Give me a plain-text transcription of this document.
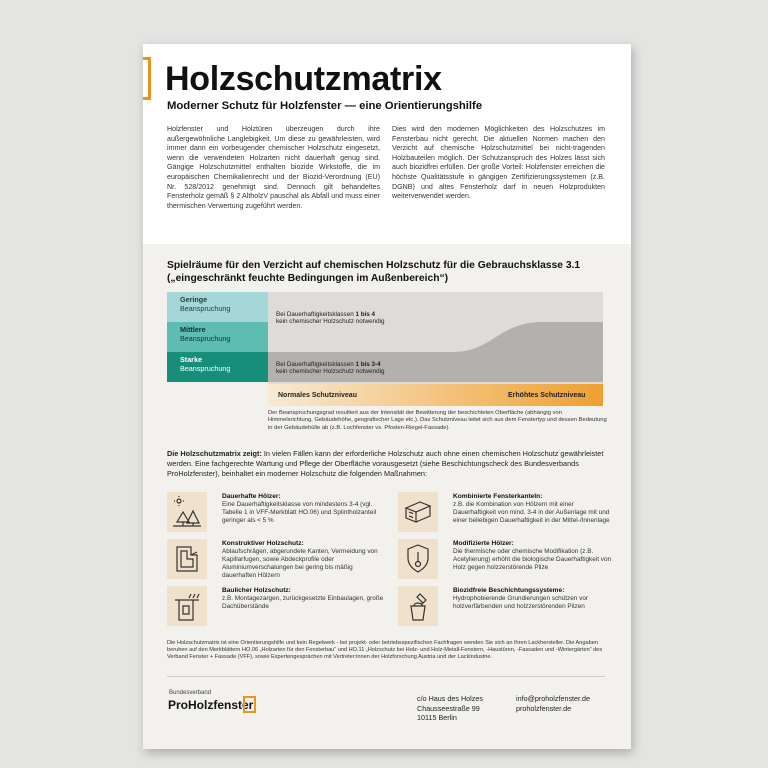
Holzschutzmatrix
Moderner Schutz für Holzfenster — eine Orientierungshilfe
Holzfenster und Holztüren überzeugen durch ihre außergewöhnliche Langlebigkeit. Um diese zu gewährleisten, wird immer dann ein vorbeugender chemischer Holzschutz eingesetzt, wenn die verwendeten Holzarten nicht dauerhaft genug sind. Gängige Holzschutzmittel enthalten biozide Wirkstoffe, die im europäischen Chemikalienrecht und der Biozid-Verordnung (EU) Nr. 528/2012 genehmigt sind. Dennoch gilt behandeltes Fensterholz gemäß § 2 AltholzV pauschal als Abfall und muss einer thermischen Verwertung zugeführt werden.
Dies wird den modernen Möglichkeiten des Holzschutzes im Fensterbau nicht gerecht. Die aktuellen Normen machen den Verzicht auf chemische Holzschutzmittel bei nicht-tragenden Holzbauteilen möglich. Der Schutzanspruch des Holzes lässt sich auch biozidfrei erfüllen. Der große Vorteil: Holzfenster erreichen die höchste Qualitätsstufe in gängigen Zertifizierungssystemen (z.B. DGNB) und altes Fensterholz darf in neuen Holzprodukten weiterverwendet werden.
Spielräume für den Verzicht auf chemischen Holzschutz für die Gebrauchsklasse 3.1 („eingeschränkt feuchte Bedingungen im Außenbereich“)
Geringe
Beanspruchung
Mittlere
Beanspruchung
Starke
Beanspruchung
Bei Dauerhaftigkeitsklassen 1 bis 4
kein chemischer Holzschutz notwendig
Bei Dauerhaftigkeitsklassen 1 bis 3-4
kein chemischer Holzschutz notwendig
Normales Schutzniveau	Erhöhtes Schutzniveau
Der Beanspruchungsgrad resultiert aus der Intensität der Bewitterung der beschichteten Oberfläche (abhängig von Himmelsrichtung, Gebäudehöhe, geografischer Lage etc.). Das Schutzniveau leitet sich aus dem Fenstertyp und dessen Bedeutung in der Gebäudehülle ab (z.B. Lochfenster vs. Pfosten-Riegel-Fassade).
Die Holzschutzmatrix zeigt: In vielen Fällen kann der erforderliche Holzschutz auch ohne einen chemischen Holzschutz gewährleistet werden. Eine fachgerechte Wartung und Pflege der Oberfläche vorausgesetzt (siehe Beschichtungscheck des Bundesverbands ProHolzfenster), beinhaltet ein moderner Holzschutz die folgenden Maßnahmen:
Dauerhafte Hölzer:
Eine Dauerhaftigkeitsklasse von mindestens 3-4 (vgl. Tabelle 1 in VFF-Merkblatt HO.06) und Splintholzanteil geringer als < 5 %
Konstruktiver Holzschutz:
Ablaufschrägen, abgerundete Kanten, Vermeidung von Kapillarfugen, sowie Abdeckprofile oder Aluminiumverschalungen bei gering bis mäßig dauerhaften Hölzern
Baulicher Holzschutz:
z.B. Montagezargen, zurückgesetzte Einbaulagen, große Dachüberstände
Kombinierte Fensterkanteln:
z.B. die Kombination von Hölzern mit einer Dauerhaftigkeit von mind. 3-4 in der Außenlage mit und einer beliebigen Dauerhaftigkeit in der Mittel-/Innenlage
Modifizierte Hölzer:
Die thermische oder chemische Modifikation (z.B. Acetylierung) erhöht die biologische Dauerhaftigkeit von Holz gegen holzzerstörende Pilze
Biozidfreie Beschichtungssysteme:
Hydrophobierende Grundierungen schützen vor holzverfärbenden und holzzerstörenden Pilzen
Die Holzschutzmatrix ist eine Orientierungshilfe und kein Regelwerk - bei projekt- oder betriebsspezifischen Fachfragen wenden Sie sich an Ihren Lackhersteller. Die Angaben beruhen auf den Merkblättern HO.06 „Holzarten für den Fensterbau“ und HO.11 „Holzschutz bei Holz- und Holz-Metall-Fenstern, -Haustüren, -Fassaden und -Wintergärten“ des Verband Fenster + Fassade (VFF), sowie Expertengesprächen mit Vertreter:innen der Holzforschung Austria und der Lackindustrie.
Bundesverband
ProHolzfenster	c/o Haus des Holzes
Chausseestraße 99
10115 Berlin
info@proholzfenster.de
proholzfenster.de
